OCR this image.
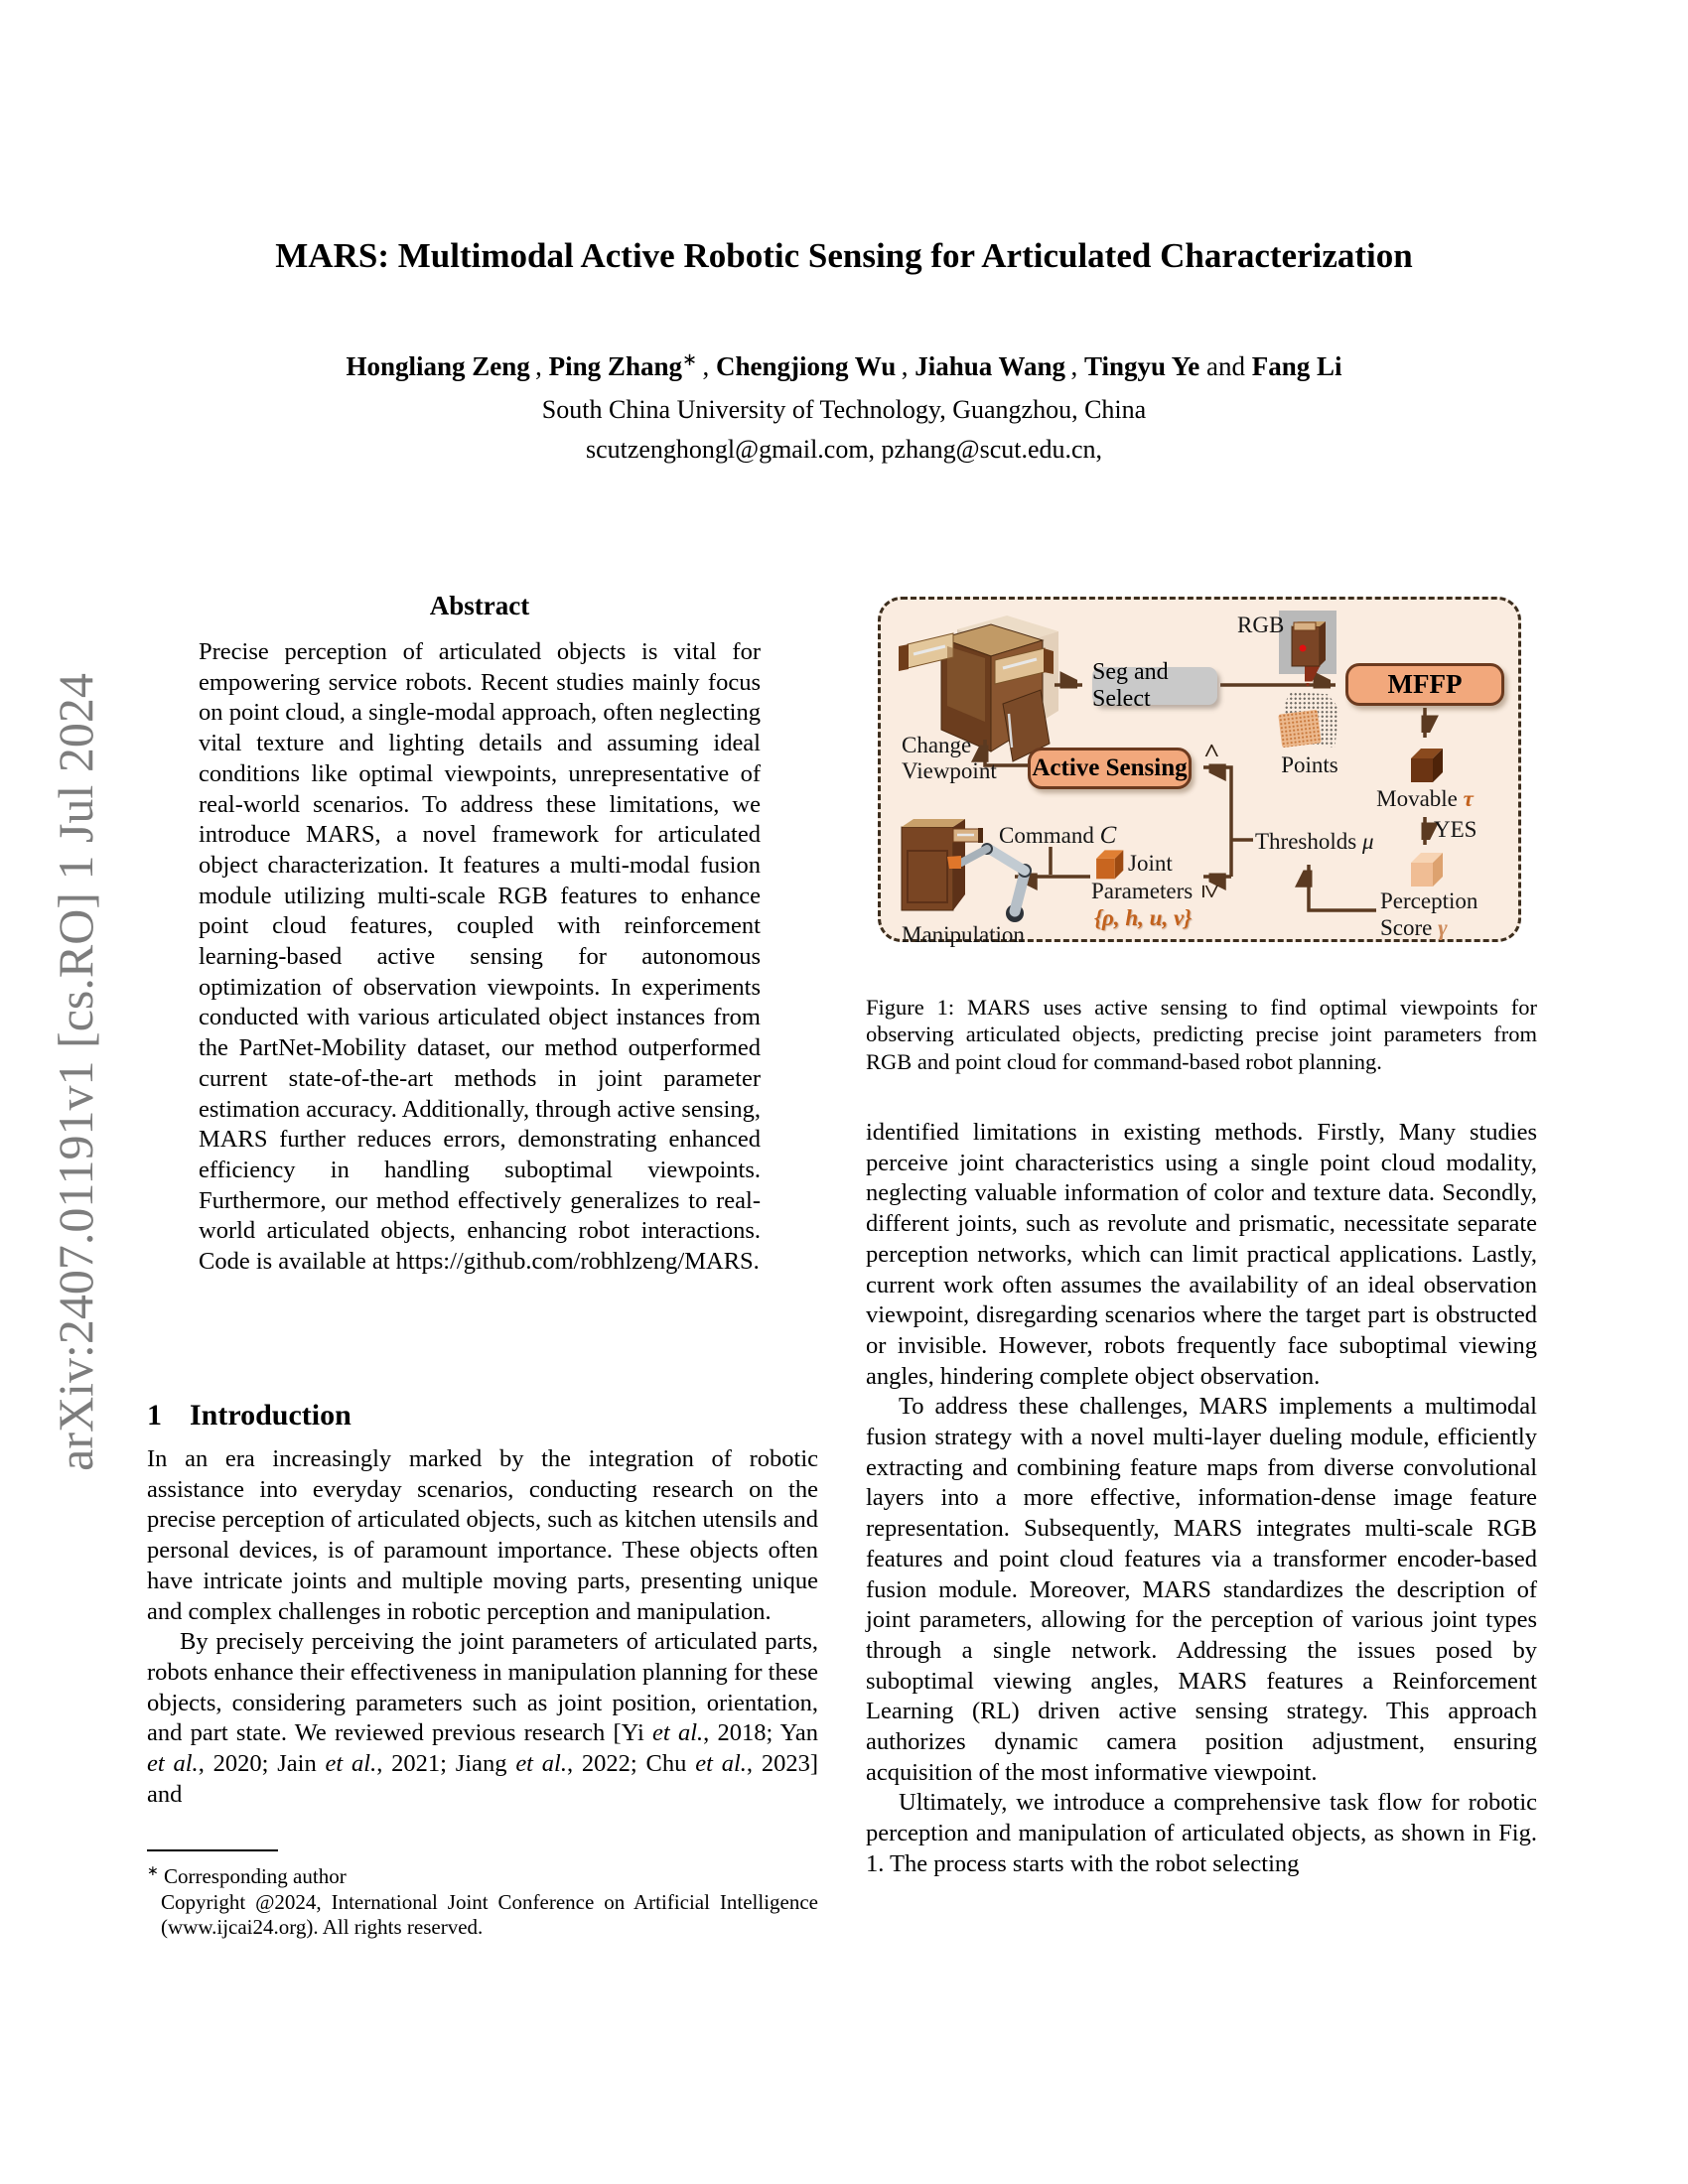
arXiv:2407.01191v1 [cs.RO] 1 Jul 2024
MARS: Multimodal Active Robotic Sensing for Articulated Characterization
Hongliang Zeng , Ping Zhang∗ , Chengjiong Wu , Jiahua Wang , Tingyu Ye and Fang Li
South China University of Technology, Guangzhou, China
scutzenghongl@gmail.com, pzhang@scut.edu.cn,
Abstract
Precise perception of articulated objects is vital for empowering service robots. Recent studies mainly focus on point cloud, a single-modal approach, often neglecting vital texture and lighting details and assuming ideal conditions like optimal viewpoints, unrepresentative of real-world scenarios. To address these limitations, we introduce MARS, a novel framework for articulated object characterization. It features a multi-modal fusion module utilizing multi-scale RGB features to enhance point cloud features, coupled with reinforcement learning-based active sensing for autonomous optimization of observation viewpoints. In experiments conducted with various articulated object instances from the PartNet-Mobility dataset, our method outperformed current state-of-the-art methods in joint parameter estimation accuracy. Additionally, through active sensing, MARS further reduces errors, demonstrating enhanced efficiency in handling suboptimal viewpoints. Furthermore, our method effectively generalizes to real-world articulated objects, enhancing robot interactions. Code is available at https://github.com/robhlzeng/MARS.
1 Introduction

In an era increasingly marked by the integration of robotic assistance into everyday scenarios, conducting research on the precise perception of articulated objects, such as kitchen utensils and personal devices, is of paramount importance. These objects often have intricate joints and multiple moving parts, presenting unique and complex challenges in robotic perception and manipulation.

By precisely perceiving the joint parameters of articulated parts, robots enhance their effectiveness in manipulation planning for these objects, considering parameters such as joint position, orientation, and part state. We reviewed previous research [Yi et al., 2018; Yan et al., 2020; Jain et al., 2021; Jiang et al., 2022; Chu et al., 2023] and

∗ Corresponding author
Copyright @2024, International Joint Conference on Artificial Intelligence (www.ijcai24.org). All rights reserved.
Seg and Select	MFFP
Active Sensing
RGB
Points
Change
Viewpoint
Movable τ
YES
Perception
Score γ
Thresholds μ
Command C
Joint
Parameters
{ρ, h, u, v}
<
≥
Manipulation
Figure 1: MARS uses active sensing to find optimal viewpoints for observing articulated objects, predicting precise joint parameters from RGB and point cloud for command-based robot planning.

identified limitations in existing methods. Firstly, Many studies perceive joint characteristics using a single point cloud modality, neglecting valuable information of color and texture data. Secondly, different joints, such as revolute and prismatic, necessitate separate perception networks, which can limit practical applications. Lastly, current work often assumes the availability of an ideal observation viewpoint, disregarding scenarios where the target part is obstructed or invisible. However, robots frequently face suboptimal viewing angles, hindering complete object observation.

To address these challenges, MARS implements a multimodal fusion strategy with a novel multi-layer dueling module, efficiently extracting and combining feature maps from diverse convolutional layers into a more effective, information-dense image feature representation. Subsequently, MARS integrates multi-scale RGB features and point cloud features via a transformer encoder-based fusion module. Moreover, MARS standardizes the description of joint parameters, allowing for the perception of various joint types through a single network. Addressing the issues posed by suboptimal viewing angles, MARS features a Reinforcement Learning (RL) driven active sensing strategy. This approach authorizes dynamic camera position adjustment, ensuring acquisition of the most informative viewpoint.

Ultimately, we introduce a comprehensive task flow for robotic perception and manipulation of articulated objects, as shown in Fig. 1. The process starts with the robot selecting
